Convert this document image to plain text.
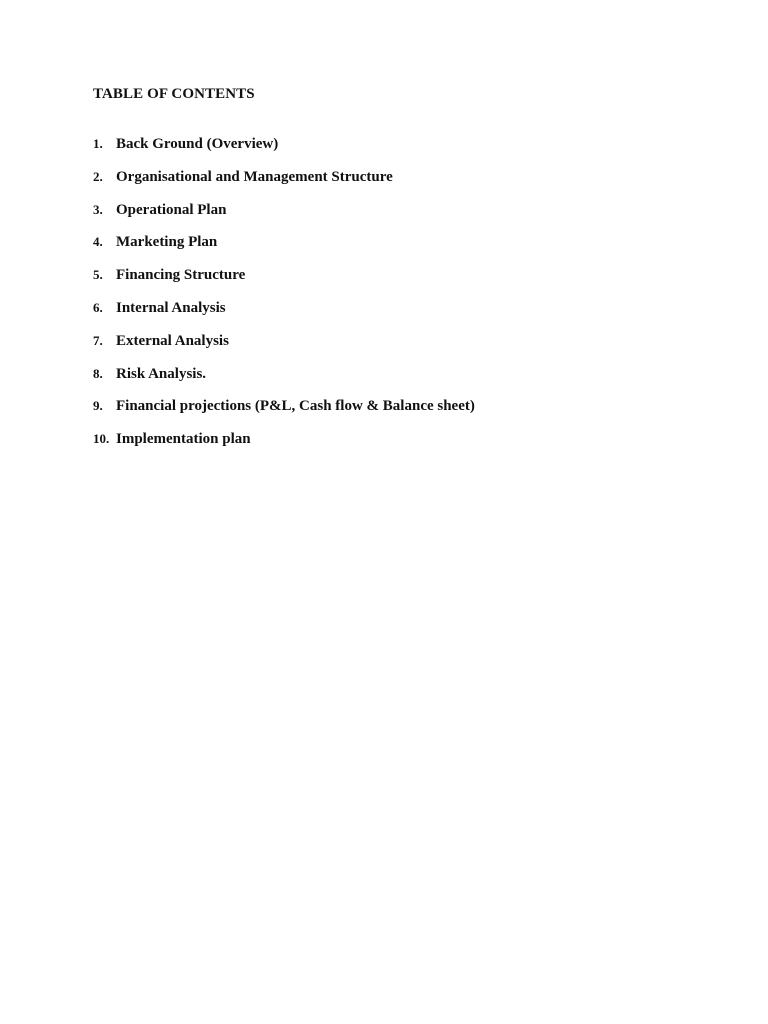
TABLE OF CONTENTS
1. Back Ground (Overview)
2. Organisational and Management Structure
3. Operational Plan
4. Marketing Plan
5. Financing Structure
6. Internal Analysis
7. External Analysis
8. Risk Analysis.
9. Financial projections (P&L, Cash flow & Balance sheet)
10. Implementation plan
